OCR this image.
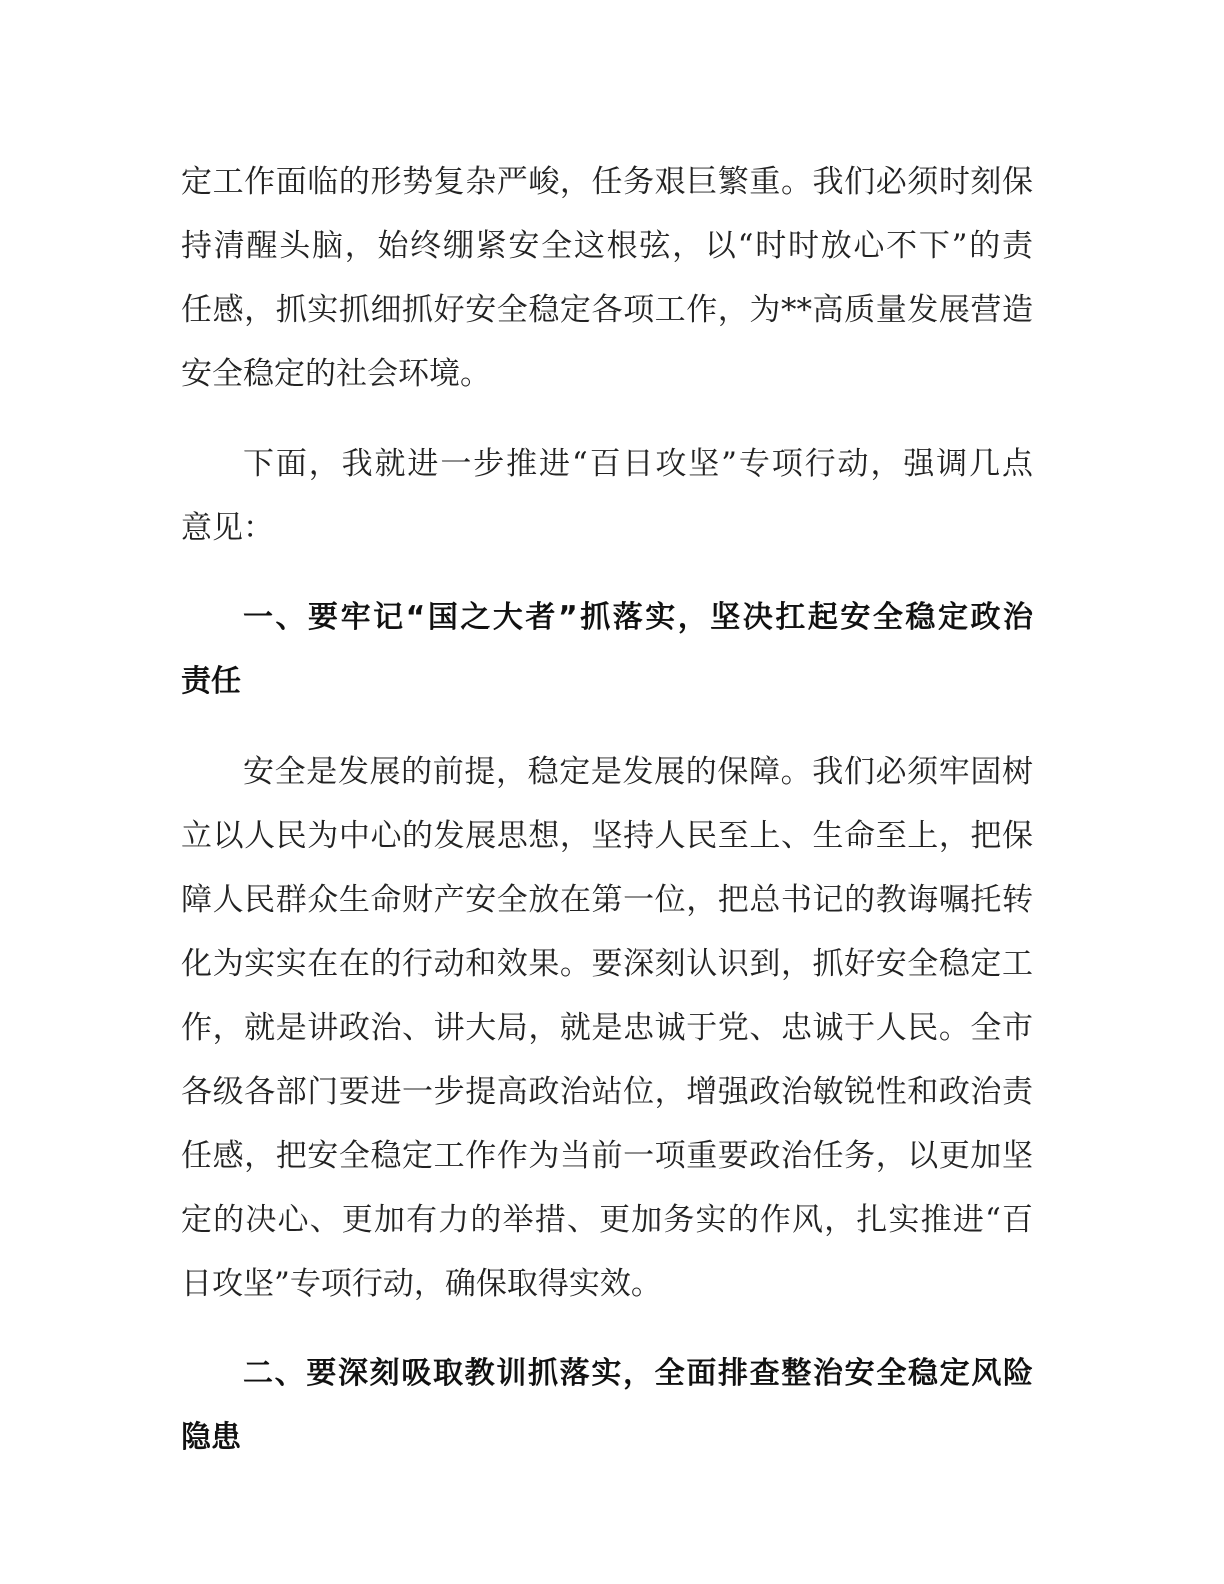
定工作面临的形势复杂严峻，任务艰巨繁重。我们必须时刻保
持清醒头脑，始终绷紧安全这根弦，以“时时放心不下”的责
任感，抓实抓细抓好安全稳定各项工作，为**高质量发展营造
安全稳定的社会环境。
下面，我就进一步推进“百日攻坚”专项行动，强调几点
意见：
一、要牢记“国之大者”抓落实，坚决扛起安全稳定政治
责任
安全是发展的前提，稳定是发展的保障。我们必须牢固树
立以人民为中心的发展思想，坚持人民至上、生命至上，把保
障人民群众生命财产安全放在第一位，把总书记的教诲嘱托转
化为实实在在的行动和效果。要深刻认识到，抓好安全稳定工
作，就是讲政治、讲大局，就是忠诚于党、忠诚于人民。全市
各级各部门要进一步提高政治站位，增强政治敏锐性和政治责
任感，把安全稳定工作作为当前一项重要政治任务，以更加坚
定的决心、更加有力的举措、更加务实的作风，扎实推进“百
日攻坚”专项行动，确保取得实效。
二、要深刻吸取教训抓落实，全面排查整治安全稳定风险
隐患
